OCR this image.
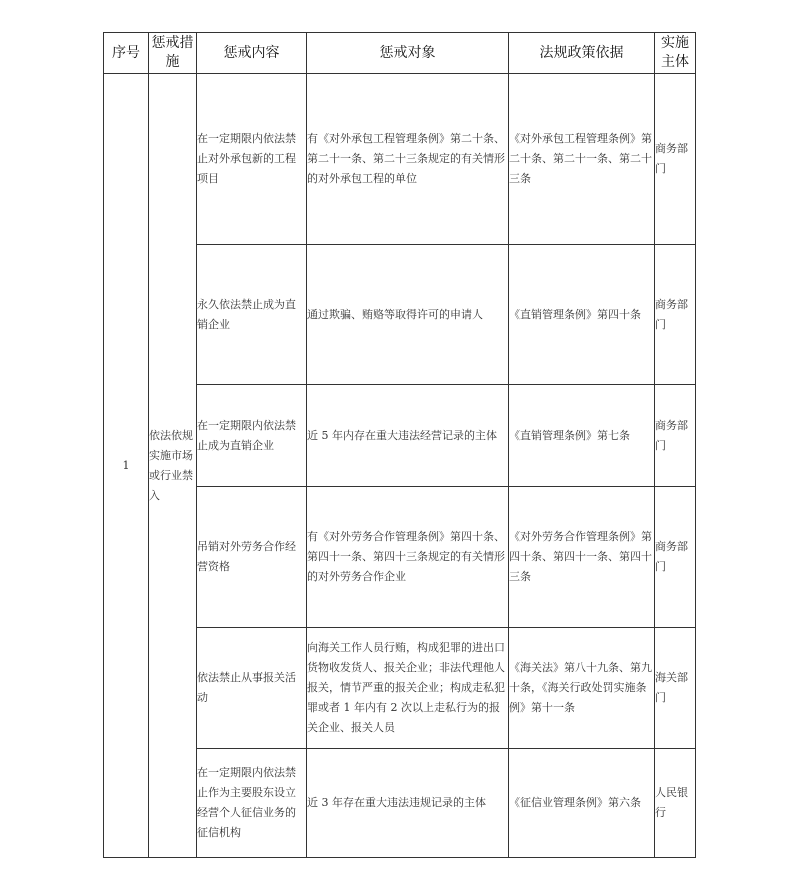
序号	惩戒措施	惩戒内容	惩戒对象	法规政策依据	实施主体
1	依法依规实施市场或行业禁入	在一定期限内依法禁止对外承包新的工程项目	有《对外承包工程管理条例》第二十条、第二十一条、第二十三条规定的有关情形的对外承包工程的单位	《对外承包工程管理条例》第二十条、第二十一条、第二十三条	商务部门
		永久依法禁止成为直销企业	通过欺骗、贿赂等取得许可的申请人	《直销管理条例》第四十条	商务部门
		在一定期限内依法禁止成为直销企业	近 5 年内存在重大违法经营记录的主体	《直销管理条例》第七条	商务部门
		吊销对外劳务合作经营资格	有《对外劳务合作管理条例》第四十条、第四十一条、第四十三条规定的有关情形的对外劳务合作企业	《对外劳务合作管理条例》第四十条、第四十一条、第四十三条	商务部门
		依法禁止从事报关活动	向海关工作人员行贿，构成犯罪的进出口货物收发货人、报关企业；非法代理他人报关，情节严重的报关企业；构成走私犯罪或者 1 年内有 2 次以上走私行为的报关企业、报关人员	《海关法》第八十九条、第九十条，《海关行政处罚实施条例》第十一条	海关部门
		在一定期限内依法禁止作为主要股东设立经营个人征信业务的征信机构	近 3 年存在重大违法违规记录的主体	《征信业管理条例》第六条	人民银行
